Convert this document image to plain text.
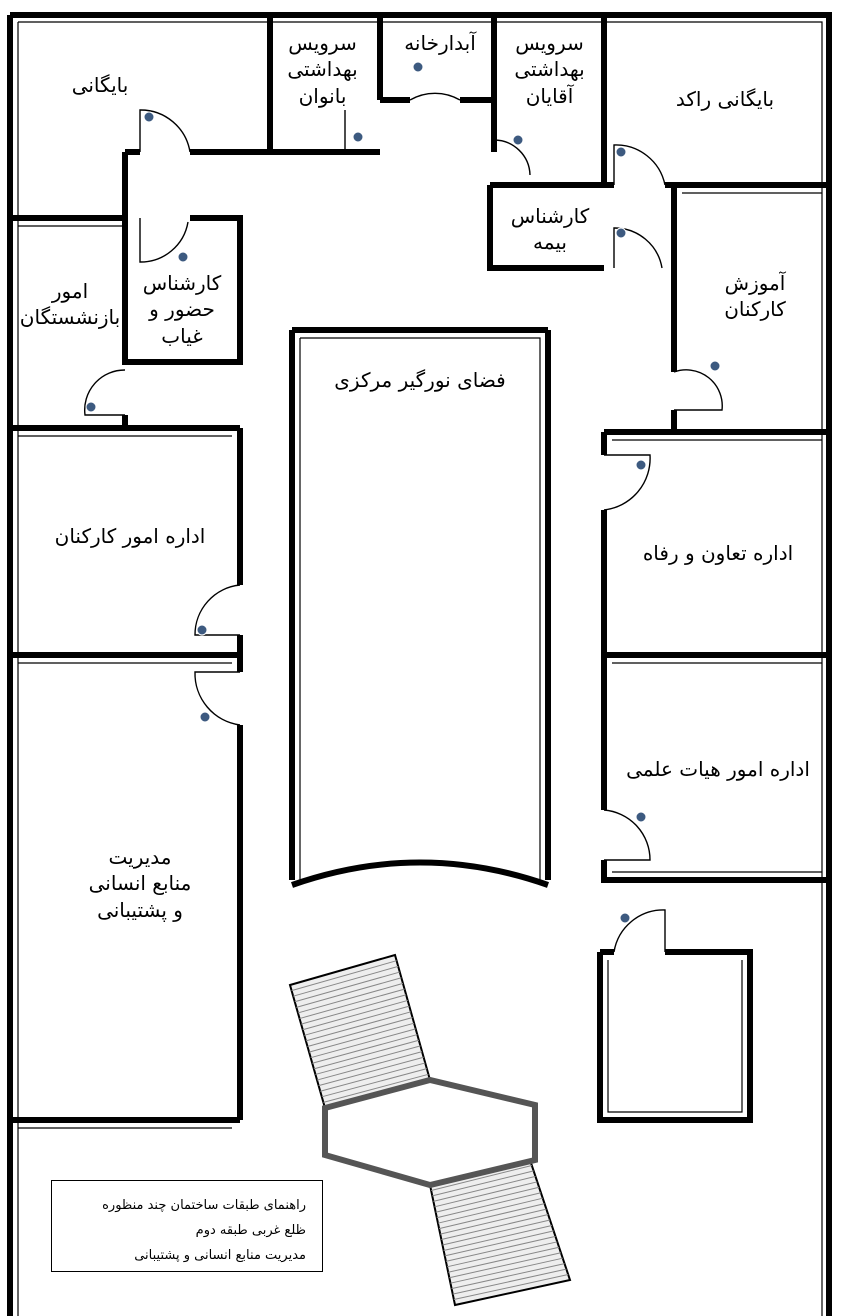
بایگانی
سرویس
بهداشتی
بانوان
آبدارخانه	سرویس
بهداشتی
آقایان	بایگانی راکد
کارشناس
بیمه
امور
بازنشستگان
کارشناس
حضور و
غیاب
آموزش
کارکنان
فضای نورگیر مرکزی
اداره امور کارکنان
اداره تعاون و رفاه
اداره امور هیات علمی
مدیریت
منابع انسانی
و پشتیبانی
راهنمای طبقات ساختمان چند منظوره
ظلع غربی طبقه دوم
مدیریت منابع انسانی و پشتیبانی
